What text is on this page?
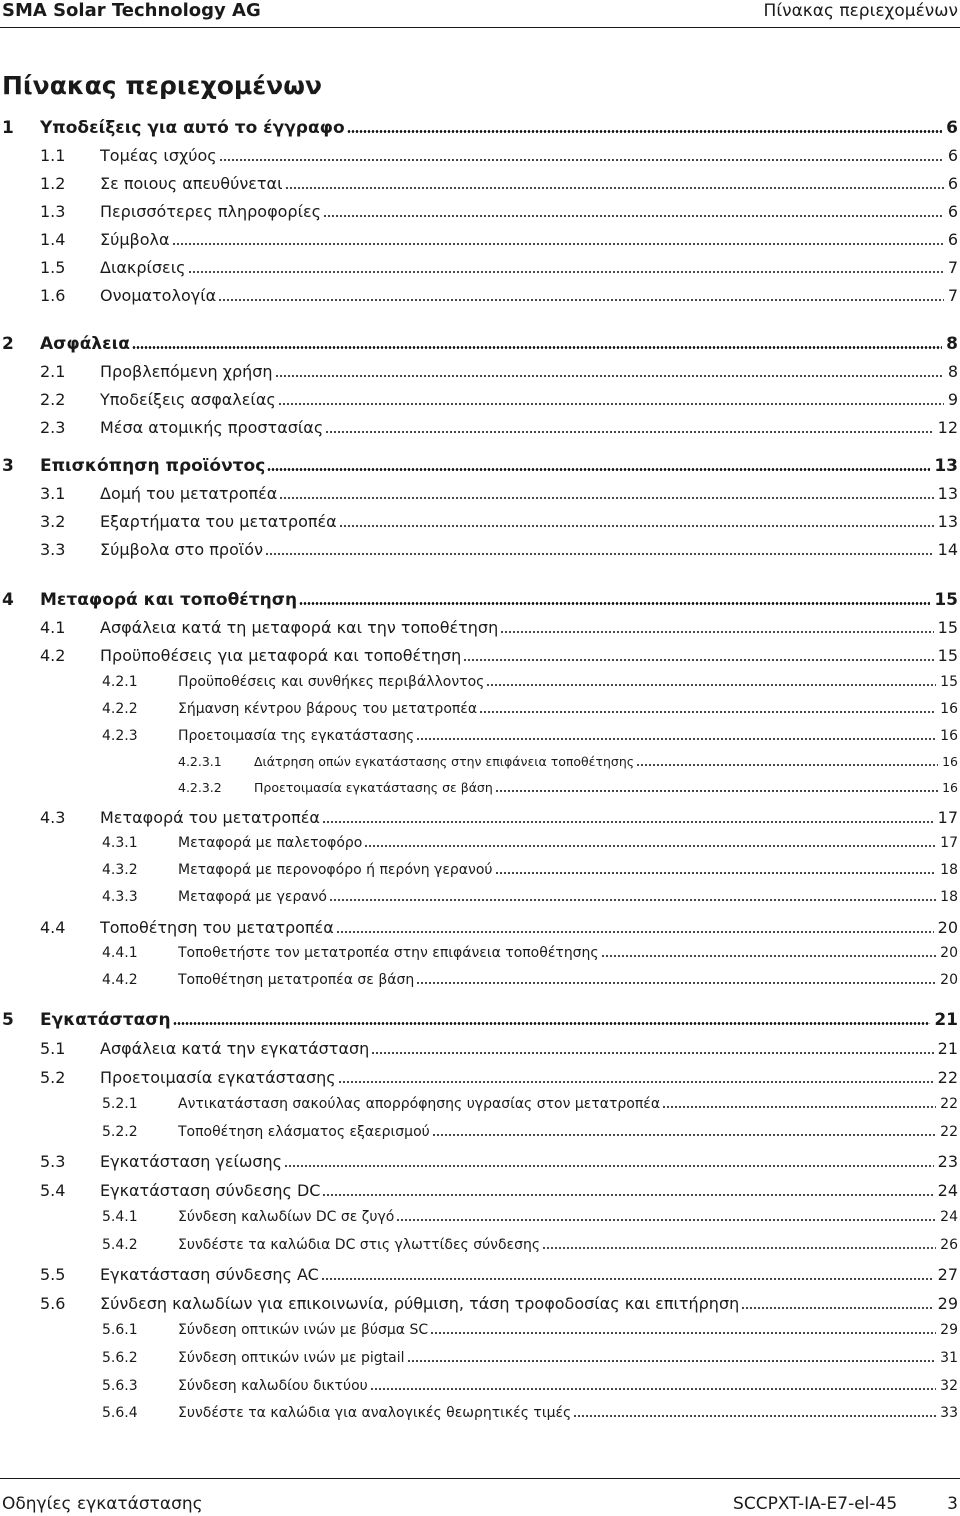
SMA Solar Technology AG	Πίνακας περιεχομένων
Πίνακας περιεχομένων
1	Υποδείξεις για αυτό το έγγραφο	6
1.1	Τομέας ισχύος	6
1.2	Σε ποιους απευθύνεται	6
1.3	Περισσότερες πληροφορίες	6
1.4	Σύμβολα	6
1.5	Διακρίσεις	7
1.6	Ονοματολογία	7
2	Ασφάλεια	8
2.1	Προβλεπόμενη χρήση	8
2.2	Υποδείξεις ασφαλείας	9
2.3	Μέσα ατομικής προστασίας	12
3	Επισκόπηση προϊόντος	13
3.1	Δομή του μετατροπέα	13
3.2	Εξαρτήματα του μετατροπέα	13
3.3	Σύμβολα στο προϊόν	14
4	Μεταφορά και τοποθέτηση	15
4.1	Ασφάλεια κατά τη μεταφορά και την τοποθέτηση	15
4.2	Προϋποθέσεις για μεταφορά και τοποθέτηση	15
4.2.1	Προϋποθέσεις και συνθήκες περιβάλλοντος	15
4.2.2	Σήμανση κέντρου βάρους του μετατροπέα	16
4.2.3	Προετοιμασία της εγκατάστασης	16
4.2.3.1	Διάτρηση οπών εγκατάστασης στην επιφάνεια τοποθέτησης	16
4.2.3.2	Προετοιμασία εγκατάστασης σε βάση	16
4.3	Μεταφορά του μετατροπέα	17
4.3.1	Μεταφορά με παλετοφόρο	17
4.3.2	Μεταφορά με περονοφόρο ή περόνη γερανού	18
4.3.3	Μεταφορά με γερανό	18
4.4	Τοποθέτηση του μετατροπέα	20
4.4.1	Τοποθετήστε τον μετατροπέα στην επιφάνεια τοποθέτησης	20
4.4.2	Τοποθέτηση μετατροπέα σε βάση	20
5	Εγκατάσταση	21
5.1	Ασφάλεια κατά την εγκατάσταση	21
5.2	Προετοιμασία εγκατάστασης	22
5.2.1	Αντικατάσταση σακούλας απορρόφησης υγρασίας στον μετατροπέα	22
5.2.2	Τοποθέτηση ελάσματος εξαερισμού	22
5.3	Εγκατάσταση γείωσης	23
5.4	Εγκατάσταση σύνδεσης DC	24
5.4.1	Σύνδεση καλωδίων DC σε ζυγό	24
5.4.2	Συνδέστε τα καλώδια DC στις γλωττίδες σύνδεσης	26
5.5	Εγκατάσταση σύνδεσης AC	27
5.6	Σύνδεση καλωδίων για επικοινωνία, ρύθμιση, τάση τροφοδοσίας και επιτήρηση	29
5.6.1	Σύνδεση οπτικών ινών με βύσμα SC	29
5.6.2	Σύνδεση οπτικών ινών με pigtail	31
5.6.3	Σύνδεση καλωδίου δικτύου	32
5.6.4	Συνδέστε τα καλώδια για αναλογικές θεωρητικές τιμές	33
Οδηγίες εγκατάστασης	SCCPXT-IA-E7-el-45	3
